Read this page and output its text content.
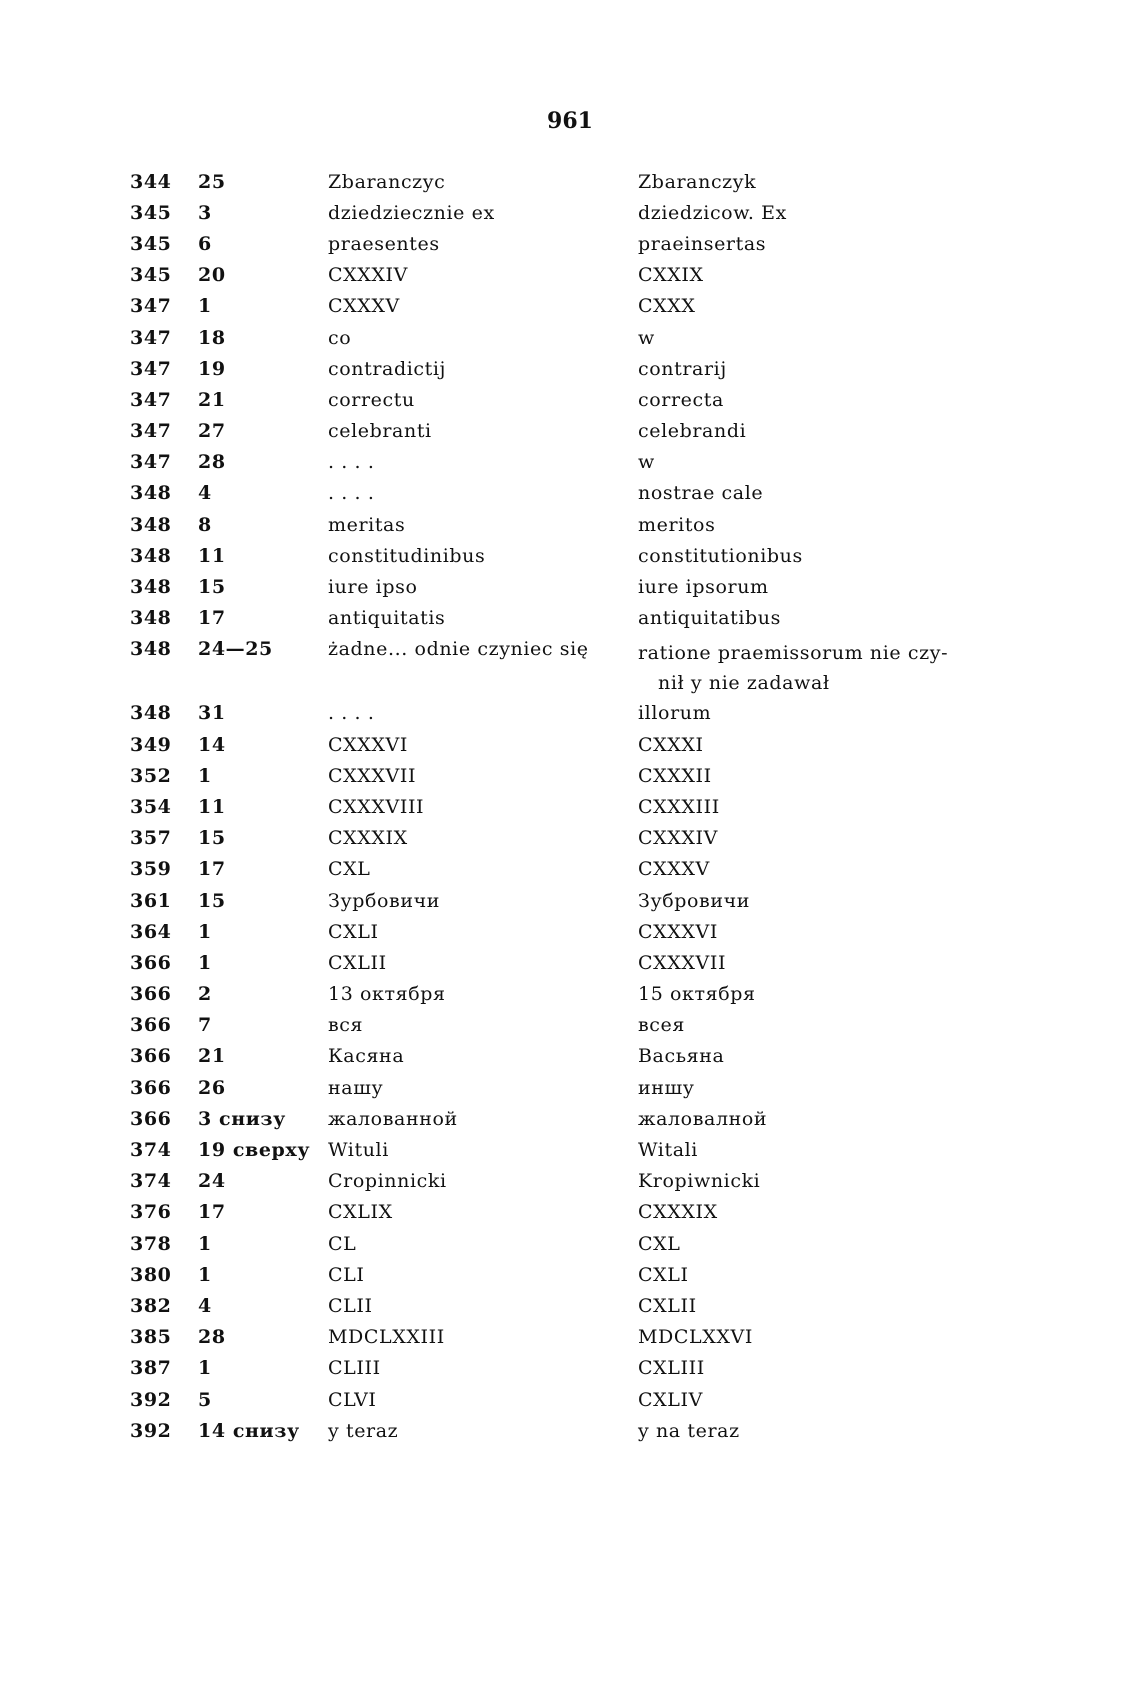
961
344	25	Zbaranczyc	Zbaranczyk
345	3	dziedziecznie ex	dziedzicow. Ex
345	6	praesentes	praeinsertas
345	20	CXXXIV	CXXIX
347	1	CXXXV	CXXX
347	18	co	w
347	19	contradictij	contrarij
347	21	correctu	correcta
347	27	celebranti	celebrandi
347	28	. . . .	w
348	4	. . . .	nostrae cale
348	8	meritas	meritos
348	11	constitudinibus	constitutionibus
348	15	iure ipso	iure ipsorum
348	17	antiquitatis	antiquitatibus
348	24—25	żadne... odnie czyniec się	ratione praemissorum nie czy-
nił y nie zadawał

348	31	. . . .	illorum
349	14	CXXXVI	CXXXI
352	1	CXXXVII	CXXXII
354	11	CXXXVIII	CXXXIII
357	15	CXXXIX	CXXXIV
359	17	CXL	CXXXV
361	15	Зурбовичи	Зубровичи
364	1	CXLI	CXXXVI
366	1	CXLII	CXXXVII
366	2	13 октября	15 октября
366	7	вся	всея
366	21	Касяна	Васьяна
366	26	нашу	иншу
366	3 снизу	жалованной	жаловалной
374	19 сверху	Wituli	Witali
374	24	Cropinnicki	Kropiwnicki
376	17	CXLIX	CXXXIX
378	1	CL	CXL
380	1	CLI	CXLI
382	4	CLII	CXLII
385	28	MDCLXXIII	MDCLXXVI
387	1	CLIII	CXLIII
392	5	CLVI	CXLIV
392	14 снизу	y teraz	y na teraz
